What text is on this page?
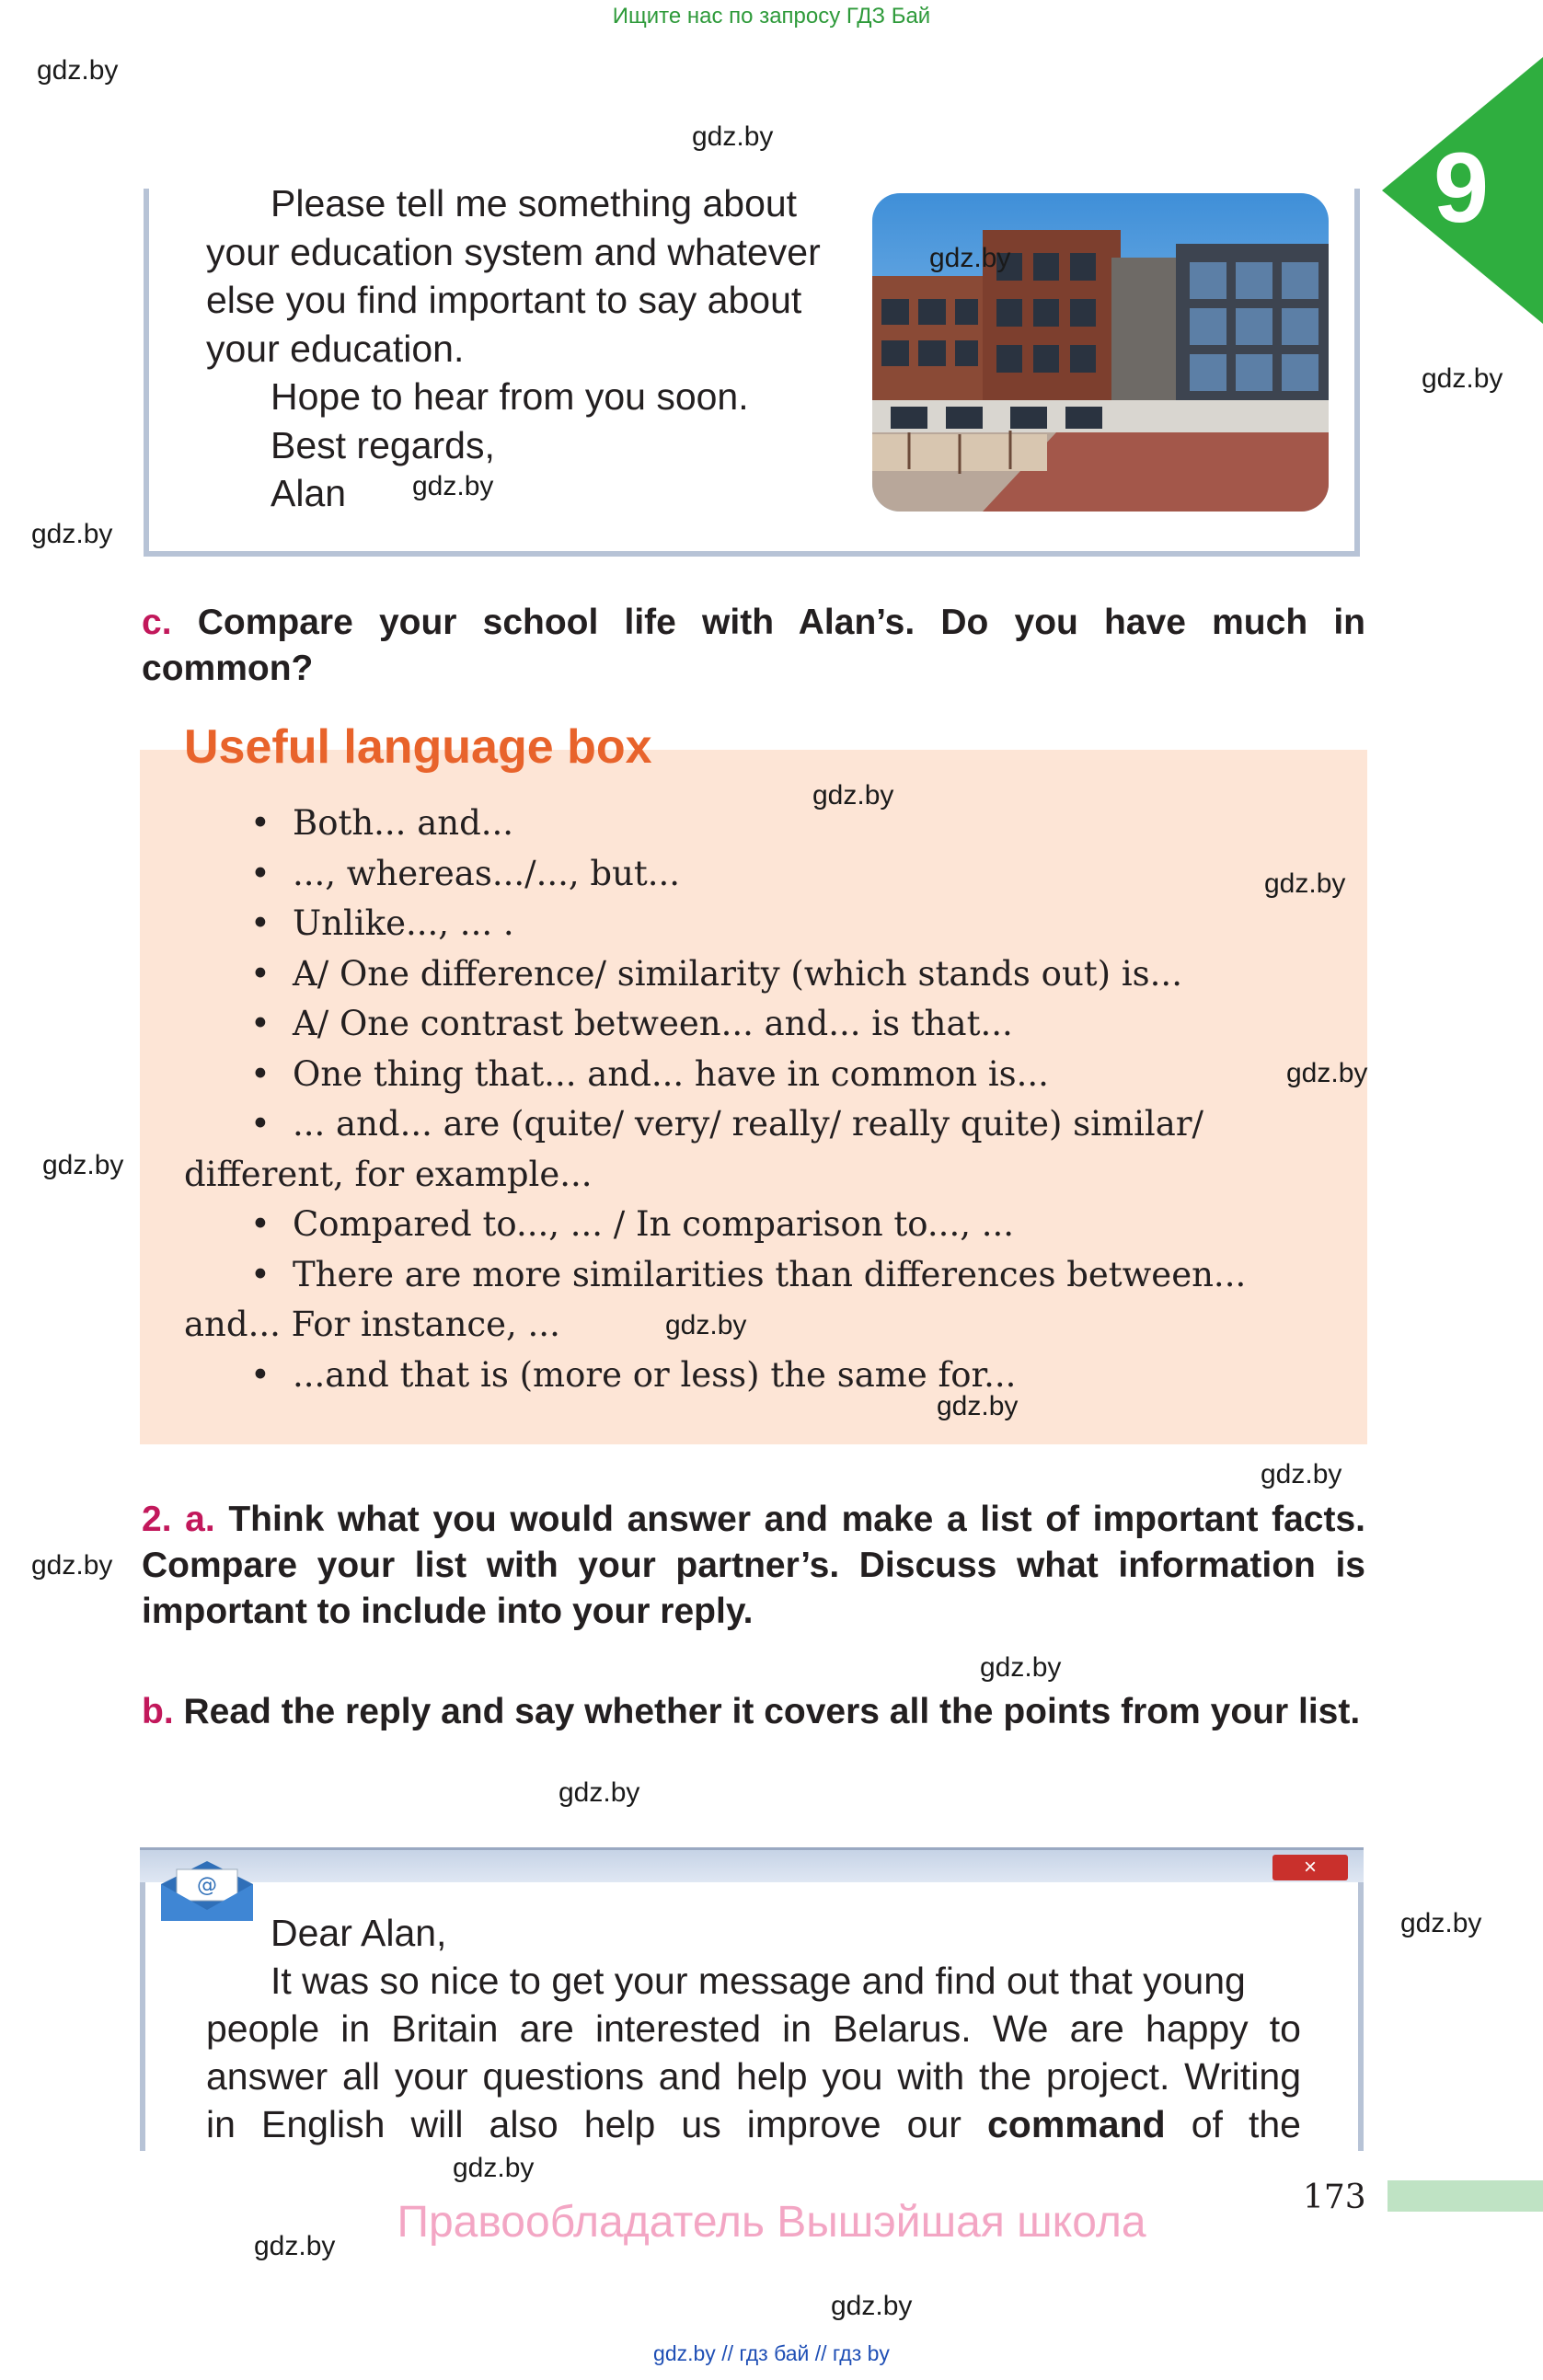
Ищите нас по запросу ГДЗ Бай
9

Please tell me something about

your education system and whatever

else you find important to say about

your education.

Hope to hear from you soon.

Best regards,

Alan

c. Compare your school life with Alan’s. Do you have much in common?
Useful language box
• Both... and...
• ..., whereas.../..., but...
• Unlike..., ... .
• A/ One difference/ similarity (which stands out) is...
• A/ One contrast between... and... is that...
• One thing that... and... have in common is...
• ... and... are (quite/ very/ really/ really quite) similar/
different, for example...
• Compared to..., ... / In comparison to..., ...
• There are more similarities than differences between...
and... For instance, ...
• ...and that is (more or less) the same for...
2. a. Think what you would answer and make a list of important facts. Compare your list with your partner’s. Discuss what information is important to include into your reply.
b. Read the reply and say whether it covers all the points from your list.
×
@

Dear Alan,

It was so nice to get your message and find out that young

people in Britain are interested in Belarus. We are happy to

answer all your questions and help you with the project. Writing

in English will also help us improve our command of the

173
Правообладатель Вышэйшая школа
gdz.by // гдз бай // гдз by
gdz.by
gdz.by
gdz.by
gdz.by
gdz.by
gdz.by
gdz.by
gdz.by
gdz.by
gdz.by
gdz.by
gdz.by
gdz.by
gdz.by
gdz.by
gdz.by
gdz.by
gdz.by
gdz.by
gdz.by
